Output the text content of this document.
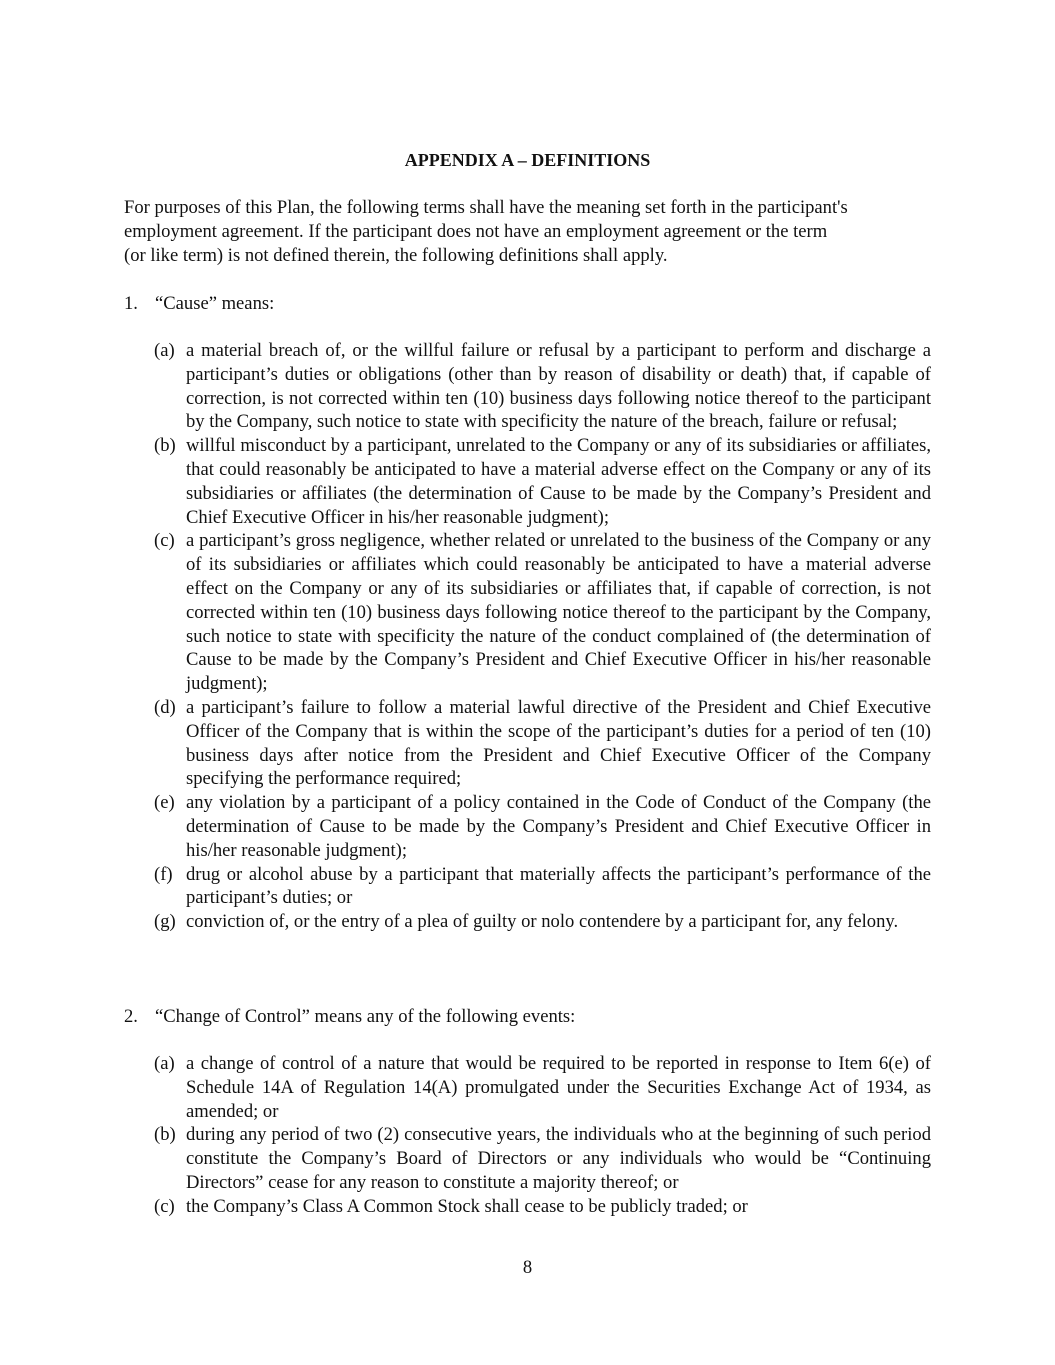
APPENDIX A – DEFINITIONS
For purposes of this Plan, the following terms shall have the meaning set forth in the participant's
employment agreement. If the participant does not have an employment agreement or the term
(or like term) is not defined therein, the following definitions shall apply.
1. “Cause” means:
(a) a material breach of, or the willful failure or refusal by a participant to perform and discharge a participant’s duties or obligations (other than by reason of disability or death) that, if capable of correction, is not corrected within ten (10) business days following notice thereof to the participant by the Company, such notice to state with specificity the nature of the breach, failure or refusal;
(b) willful misconduct by a participant, unrelated to the Company or any of its subsidiaries or affiliates, that could reasonably be anticipated to have a material adverse effect on the Company or any of its subsidiaries or affiliates (the determination of Cause to be made by the Company’s President and Chief Executive Officer in his/her reasonable judgment);
(c) a participant’s gross negligence, whether related or unrelated to the business of the Company or any of its subsidiaries or affiliates which could reasonably be anticipated to have a material adverse effect on the Company or any of its subsidiaries or affiliates that, if capable of correction, is not corrected within ten (10) business days following notice thereof to the participant by the Company, such notice to state with specificity the nature of the conduct complained of (the determination of Cause to be made by the Company’s President and Chief Executive Officer in his/her reasonable judgment);
(d) a participant’s failure to follow a material lawful directive of the President and Chief Executive Officer of the Company that is within the scope of the participant’s duties for a period of ten (10) business days after notice from the President and Chief Executive Officer of the Company specifying the performance required;
(e) any violation by a participant of a policy contained in the Code of Conduct of the Company (the determination of Cause to be made by the Company’s President and Chief Executive Officer in his/her reasonable judgment);
(f) drug or alcohol abuse by a participant that materially affects the participant’s performance of the participant’s duties; or
(g) conviction of, or the entry of a plea of guilty or nolo contendere by a participant for, any felony.
2. “Change of Control” means any of the following events:
(a) a change of control of a nature that would be required to be reported in response to Item 6(e) of Schedule 14A of Regulation 14(A) promulgated under the Securities Exchange Act of 1934, as amended; or
(b) during any period of two (2) consecutive years, the individuals who at the beginning of such period constitute the Company’s Board of Directors or any individuals who would be “Continuing Directors” cease for any reason to constitute a majority thereof; or
(c) the Company’s Class A Common Stock shall cease to be publicly traded; or
8
